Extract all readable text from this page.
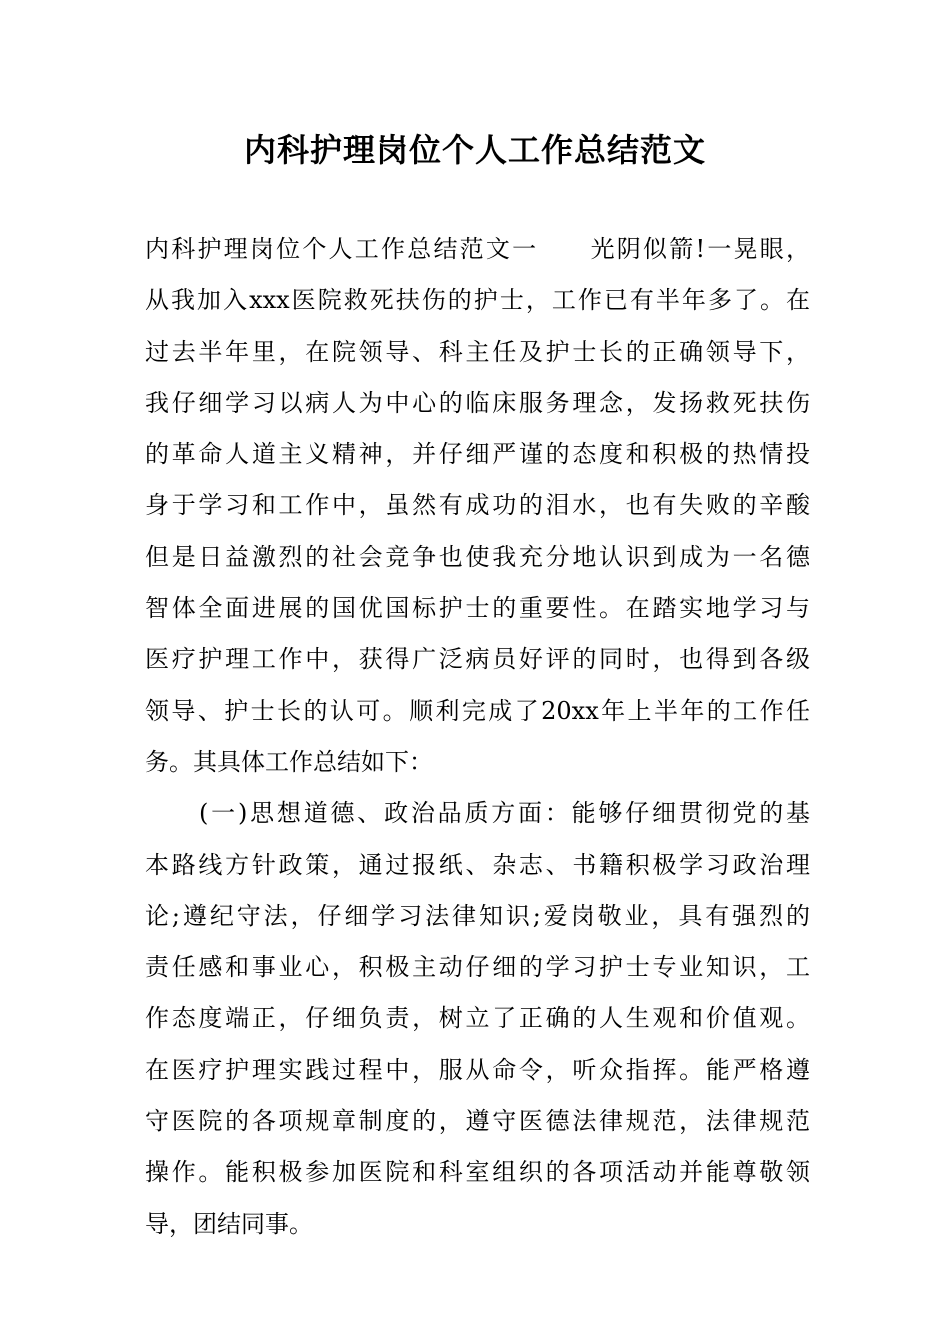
内科护理岗位个人工作总结范文
内科护理岗位个人工作总结范文一 光阴似箭!一晃眼，
从我加入xxx医院救死扶伤的护士，工作已有半年多了。在
过去半年里，在院领导、科主任及护士长的正确领导下，
我仔细学习以病人为中心的临床服务理念，发扬救死扶伤
的革命人道主义精神，并仔细严谨的态度和积极的热情投
身于学习和工作中，虽然有成功的泪水，也有失败的辛酸
但是日益激烈的社会竞争也使我充分地认识到成为一名德
智体全面进展的国优国标护士的重要性。在踏实地学习与
医疗护理工作中，获得广泛病员好评的同时，也得到各级
领导、护士长的认可。顺利完成了20xx年上半年的工作任
务。其具体工作总结如下：
(一)思想道德、政治品质方面：能够仔细贯彻党的基
本路线方针政策，通过报纸、杂志、书籍积极学习政治理
论;遵纪守法，仔细学习法律知识;爱岗敬业，具有强烈的
责任感和事业心，积极主动仔细的学习护士专业知识，工
作态度端正，仔细负责，树立了正确的人生观和价值观。
在医疗护理实践过程中，服从命令，听众指挥。能严格遵
守医院的各项规章制度的，遵守医德法律规范，法律规范
操作。能积极参加医院和科室组织的各项活动并能尊敬领
导，团结同事。
